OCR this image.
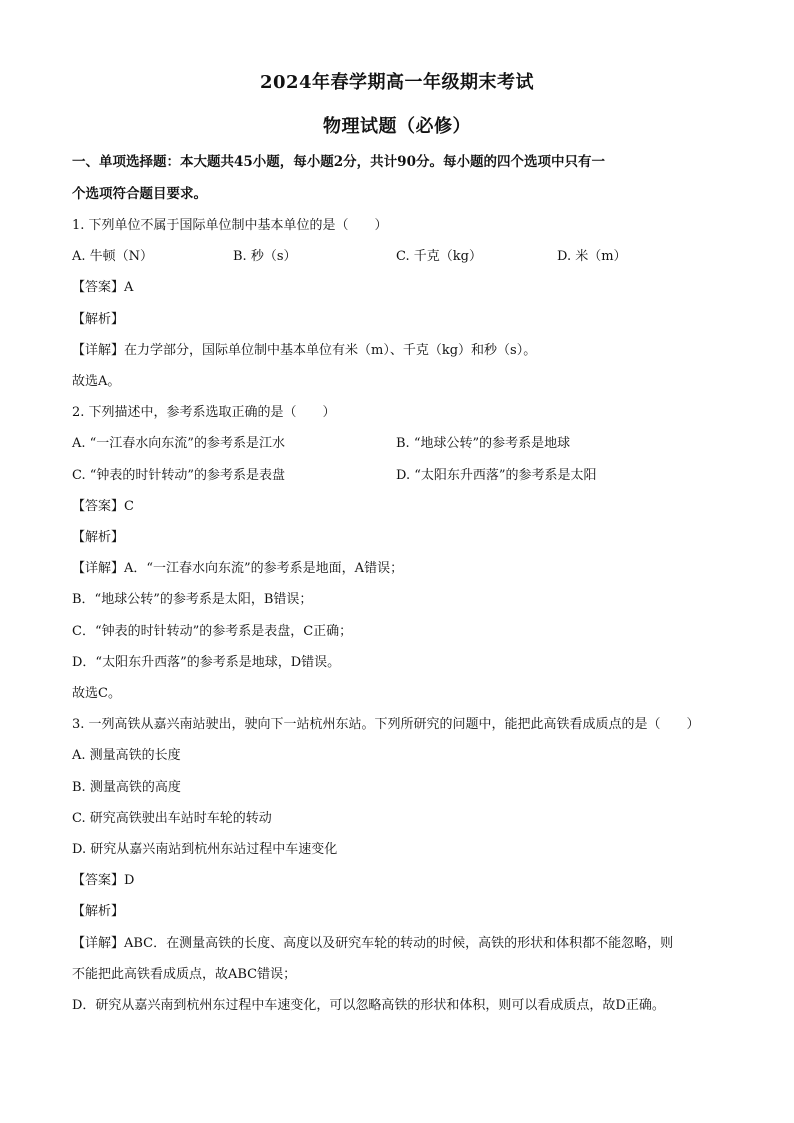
2024年春学期高一年级期末考试
物理试题（必修）
一、单项选择题：本大题共45小题，每小题2分，共计90分。每小题的四个选项中只有一
个选项符合题目要求。
1. 下列单位不属于国际单位制中基本单位的是（　　）
A. 牛顿（N）	B. 秒（s）	C. 千克（kg）	D. 米（m）
【答案】A
【解析】
【详解】在力学部分，国际单位制中基本单位有米（m）、千克（kg）和秒（s）。
故选A。
2. 下列描述中，参考系选取正确的是（　　）
A. “一江春水向东流”的参考系是江水	B. “地球公转”的参考系是地球
C. “钟表的时针转动”的参考系是表盘	D. “太阳东升西落”的参考系是太阳
【答案】C
【解析】
【详解】A．“一江春水向东流”的参考系是地面，A错误；
B．“地球公转”的参考系是太阳，B错误；
C．“钟表的时针转动”的参考系是表盘，C正确；
D．“太阳东升西落”的参考系是地球，D错误。
故选C。
3. 一列高铁从嘉兴南站驶出，驶向下一站杭州东站。下列所研究的问题中，能把此高铁看成质点的是（　　）
A. 测量高铁的长度
B. 测量高铁的高度
C. 研究高铁驶出车站时车轮的转动
D. 研究从嘉兴南站到杭州东站过程中车速变化
【答案】D
【解析】
【详解】ABC．在测量高铁的长度、高度以及研究车轮的转动的时候，高铁的形状和体积都不能忽略，则
不能把此高铁看成质点，故ABC错误；
D．研究从嘉兴南到杭州东过程中车速变化，可以忽略高铁的形状和体积，则可以看成质点，故D正确。
